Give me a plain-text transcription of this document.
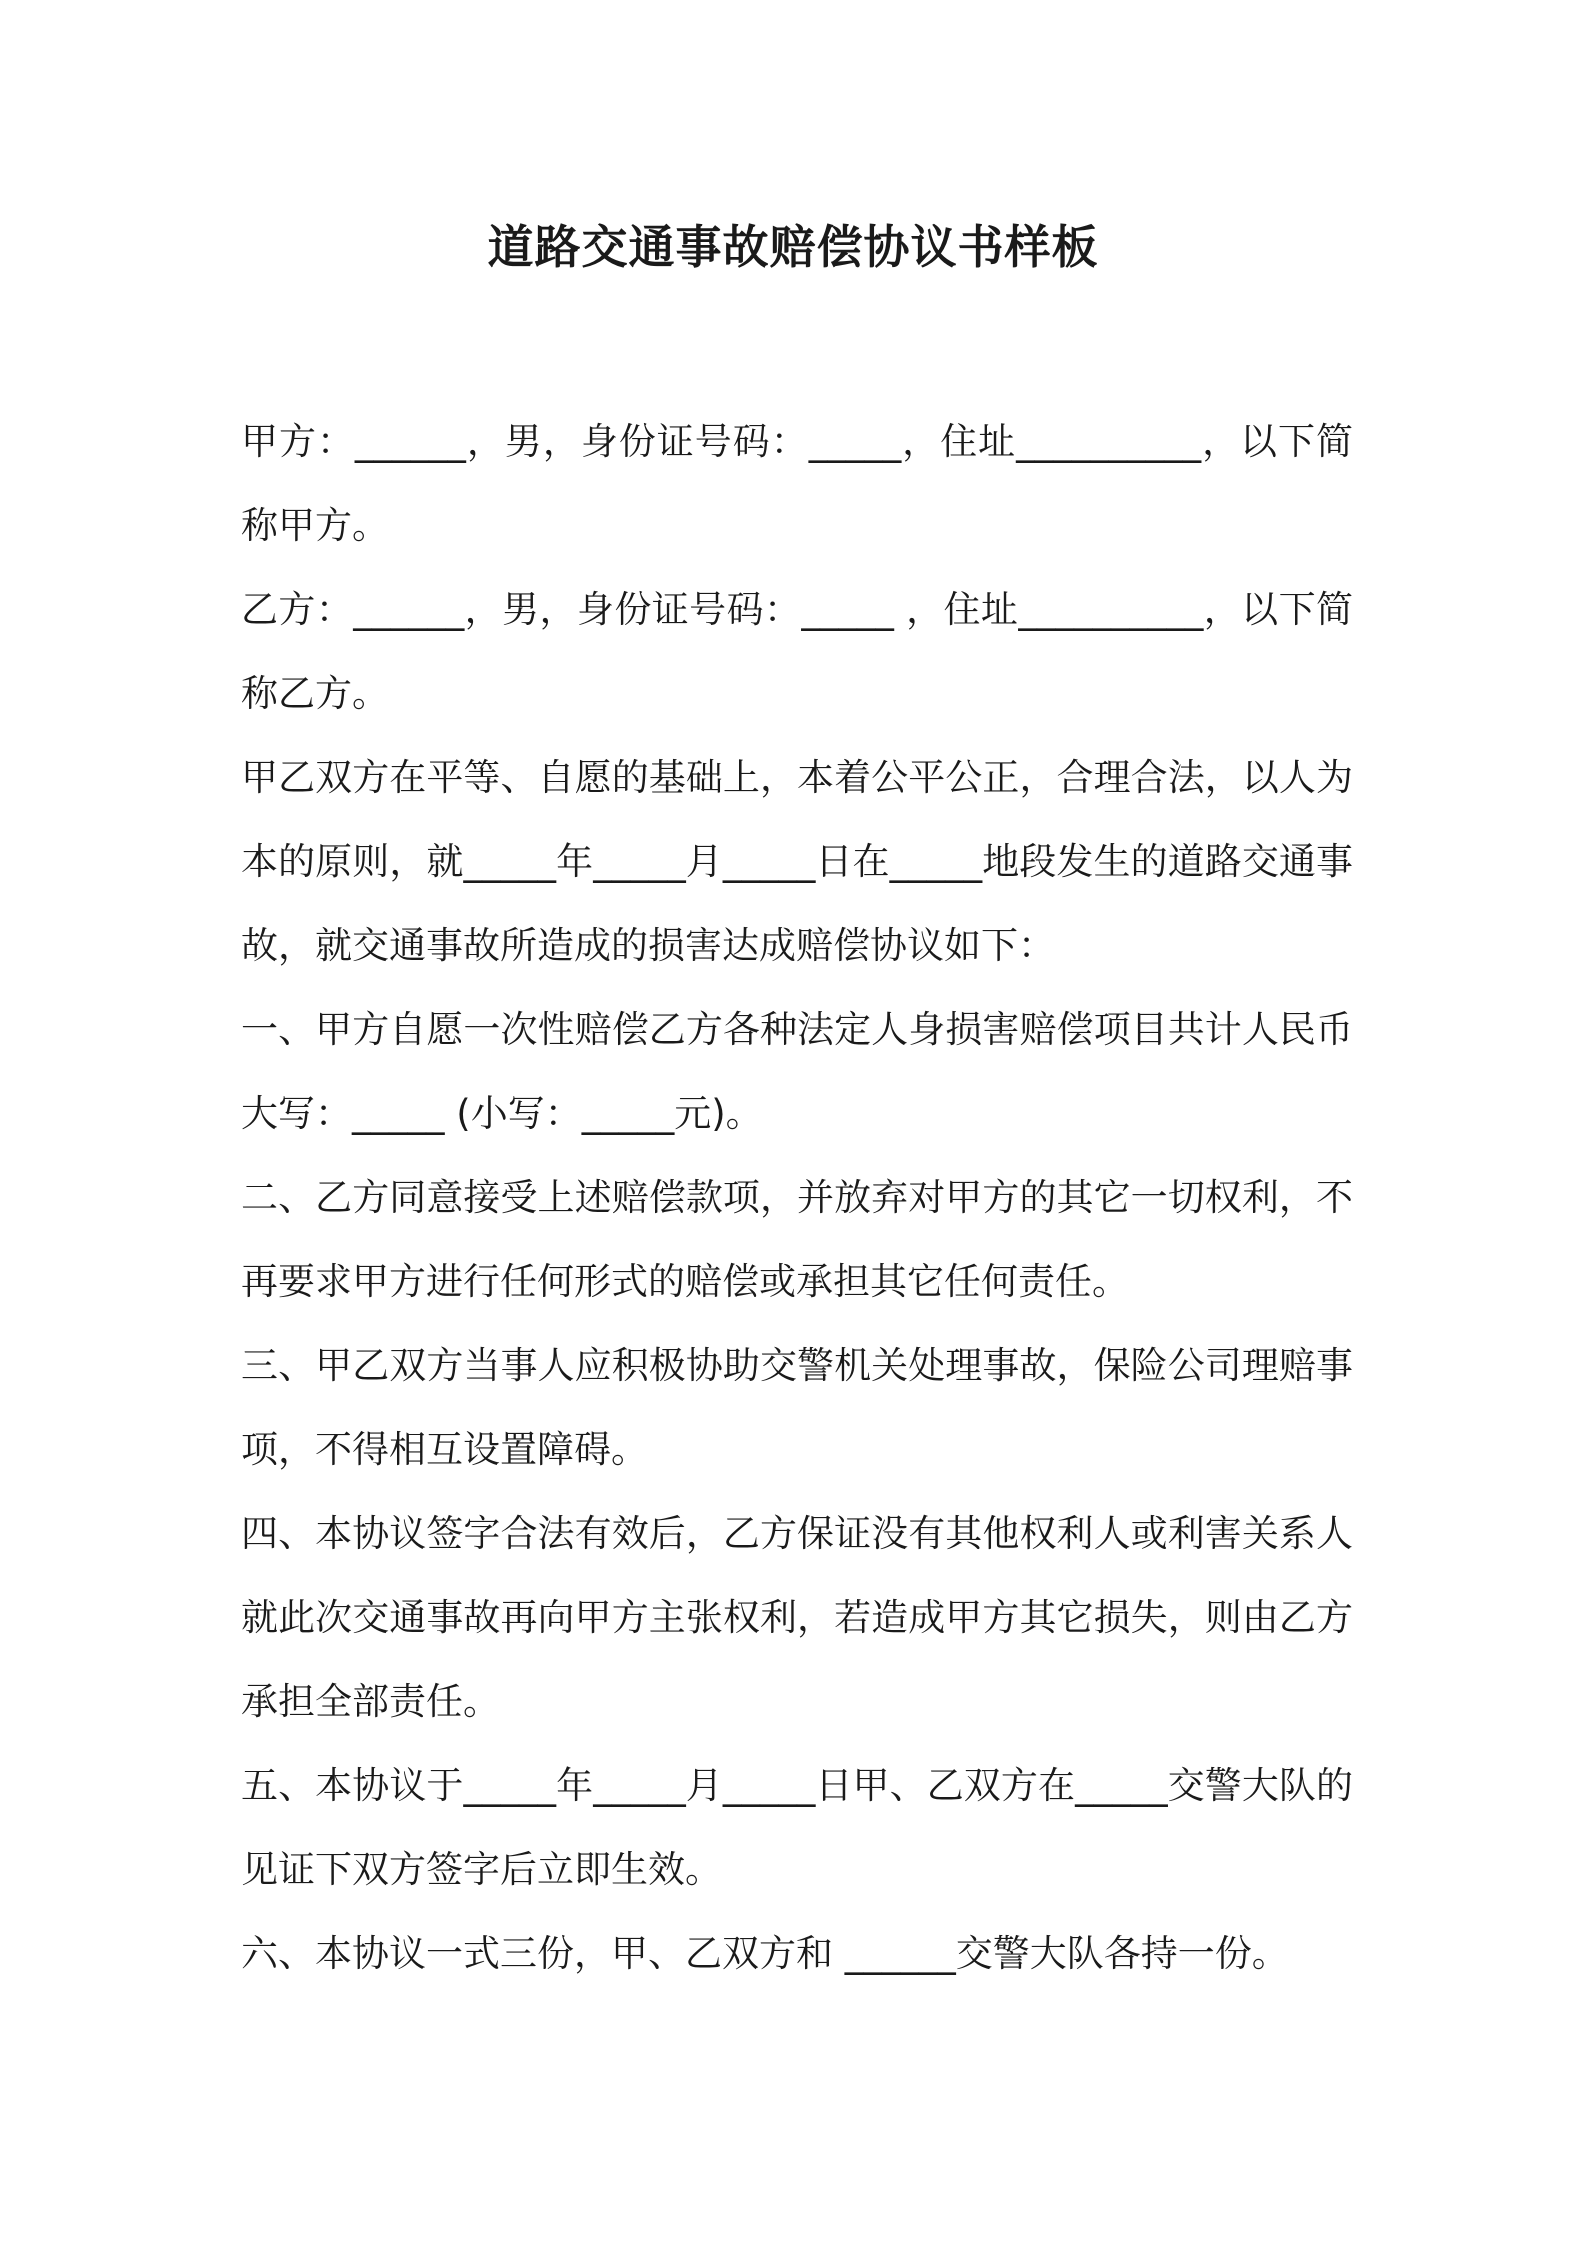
道路交通事故赔偿协议书样板

甲方：______，男，身份证号码：_____，住址__________，以下简称甲方。

乙方：______，男，身份证号码：_____ ，住址__________，以下简称乙方。

甲乙双方在平等、自愿的基础上，本着公平公正，合理合法，以人为本的原则，就_____年_____月_____日在_____地段发生的道路交通事故，就交通事故所造成的损害达成赔偿协议如下：

一、甲方自愿一次性赔偿乙方各种法定人身损害赔偿项目共计人民币大写：_____ (小写：_____元)。

二、乙方同意接受上述赔偿款项，并放弃对甲方的其它一切权利，不再要求甲方进行任何形式的赔偿或承担其它任何责任。

三、甲乙双方当事人应积极协助交警机关处理事故，保险公司理赔事项，不得相互设置障碍。

四、本协议签字合法有效后，乙方保证没有其他权利人或利害关系人就此次交通事故再向甲方主张权利，若造成甲方其它损失，则由乙方承担全部责任。

五、本协议于_____年_____月_____日甲、乙双方在_____交警大队的见证下双方签字后立即生效。

六、本协议一式三份，甲、乙双方和 ______交警大队各持一份。
